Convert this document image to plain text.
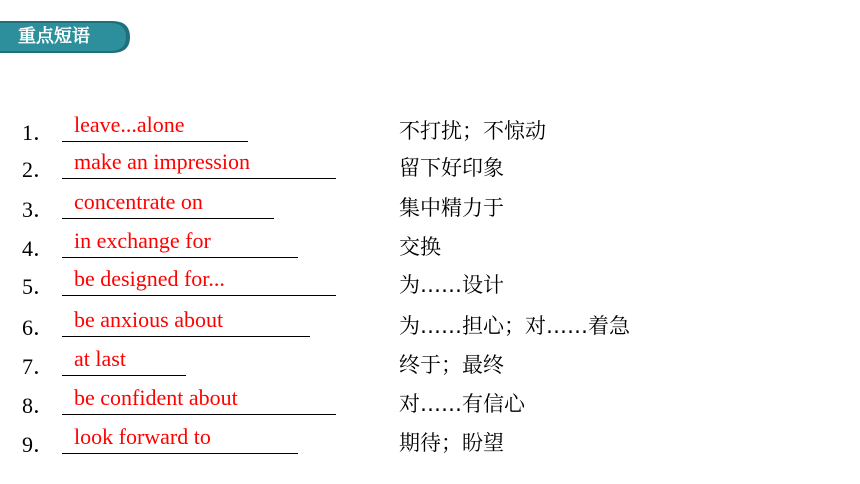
重点短语
1． leave...alone	不打扰；不惊动
2． make an impression	留下好印象
3． concentrate on	集中精力于
4． in exchange for	交换
5． be designed for...	为……设计
6． be anxious about	为……担心；对……着急
7． at last	终于；最终
8． be confident about	对……有信心
9． look forward to	期待；盼望
